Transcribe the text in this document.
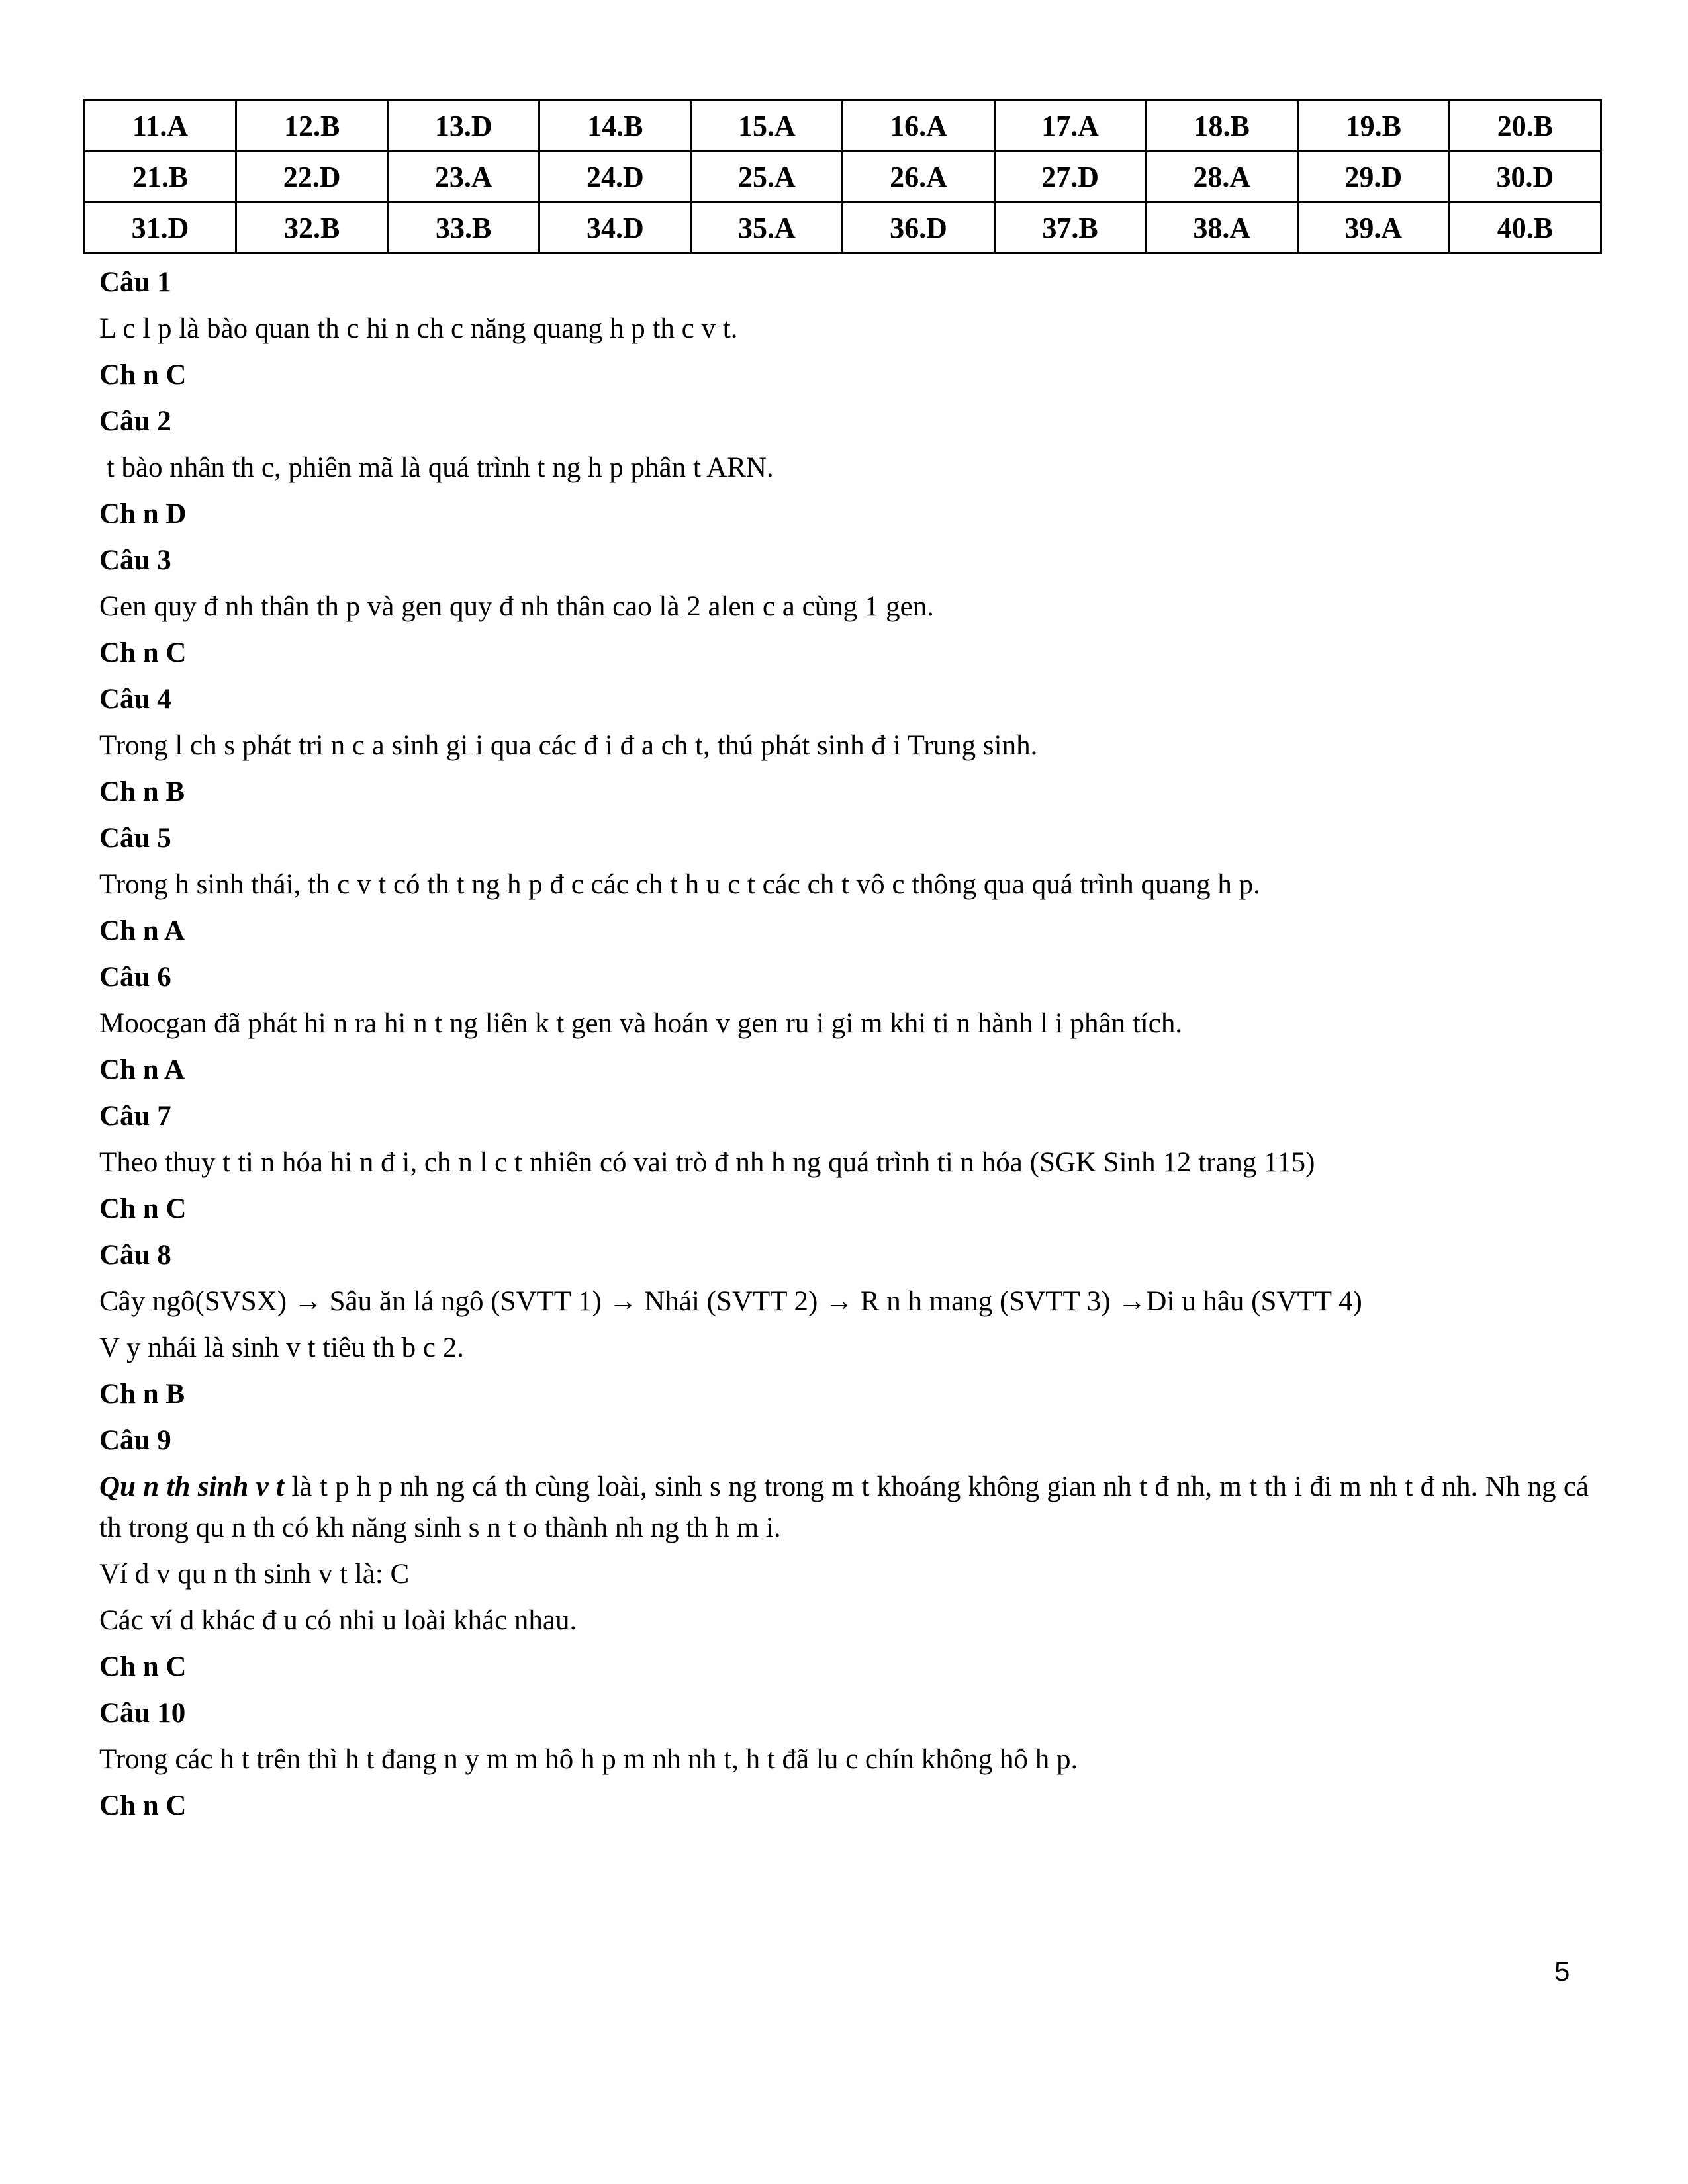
11.A	12.B	13.D	14.B	15.A	16.A	17.A	18.B	19.B	20.B
21.B	22.D	23.A	24.D	25.A	26.A	27.D	28.A	29.D	30.D
31.D	32.B	33.B	34.D	35.A	36.D	37.B	38.A	39.A	40.B
Câu 1
L c l p là bào quan th c hi n ch c năng quang h p th c v t.
Ch n C
Câu 2
t bào nhân th c, phiên mã là quá trình t ng h p phân t ARN.
Ch n D
Câu 3
Gen quy đ nh thân th p và gen quy đ nh thân cao là 2 alen c a cùng 1 gen.
Ch n C
Câu 4
Trong l ch s phát tri n c a sinh gi i qua các đ i đ a ch t, thú phát sinh đ i Trung sinh.
Ch n B
Câu 5
Trong h sinh thái, th c v t có th t ng h p đ c các ch t h u c t các ch t vô c thông qua quá trình quang h p.
Ch n A
Câu 6
Moocgan đã phát hi n ra hi n t ng liên k t gen và hoán v gen ru i gi m khi ti n hành l i phân tích.
Ch n A
Câu 7
Theo thuy t ti n hóa hi n đ i, ch n l c t nhiên có vai trò đ nh h ng quá trình ti n hóa (SGK Sinh 12 trang 115)
Ch n C
Câu 8
Cây ngô(SVSX) → Sâu ăn lá ngô (SVTT 1) → Nhái (SVTT 2) → R n h mang (SVTT 3) →Di u hâu (SVTT 4)
V y nhái là sinh v t tiêu th b c 2.
Ch n B
Câu 9
Qu n th sinh v t là t p h p nh ng cá th cùng loài, sinh s ng trong m t khoáng không gian nh t đ nh, m t th i đi m nh t đ nh. Nh ng cá th trong qu n th có kh năng sinh s n t o thành nh ng th h m i.
Ví d v qu n th sinh v t là: C
Các ví d khác đ u có nhi u loài khác nhau.
Ch n C
Câu 10
Trong các h t trên thì h t đang n y m m hô h p m nh nh t, h t đã lu c chín không hô h p.
Ch n C
5
